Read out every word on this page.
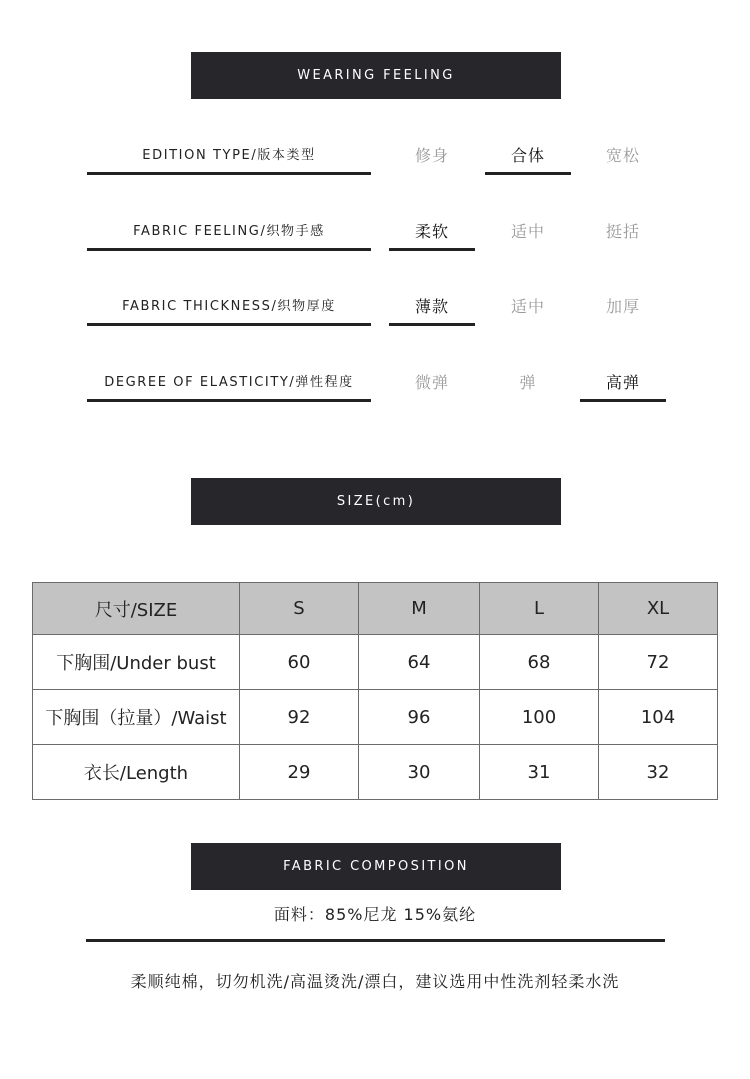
WEARING FEELING
EDITION TYPE/版本类型	修身	合体	宽松
FABRIC FEELING/织物手感	柔软	适中	挺括
FABRIC THICKNESS/织物厚度	薄款	适中	加厚
DEGREE OF ELASTICITY/弹性程度	微弹	弹	高弹
SIZE(cm)
尺寸/SIZE	S	M	L	XL
下胸围/Under bust	60	64	68	72
下胸围（拉量）/Waist	92	96	100	104
衣长/Length	29	30	31	32
FABRIC COMPOSITION
面料：85%尼龙 15%氨纶
柔顺纯棉，切勿机洗/高温烫洗/漂白，建议选用中性洗剂轻柔水洗
